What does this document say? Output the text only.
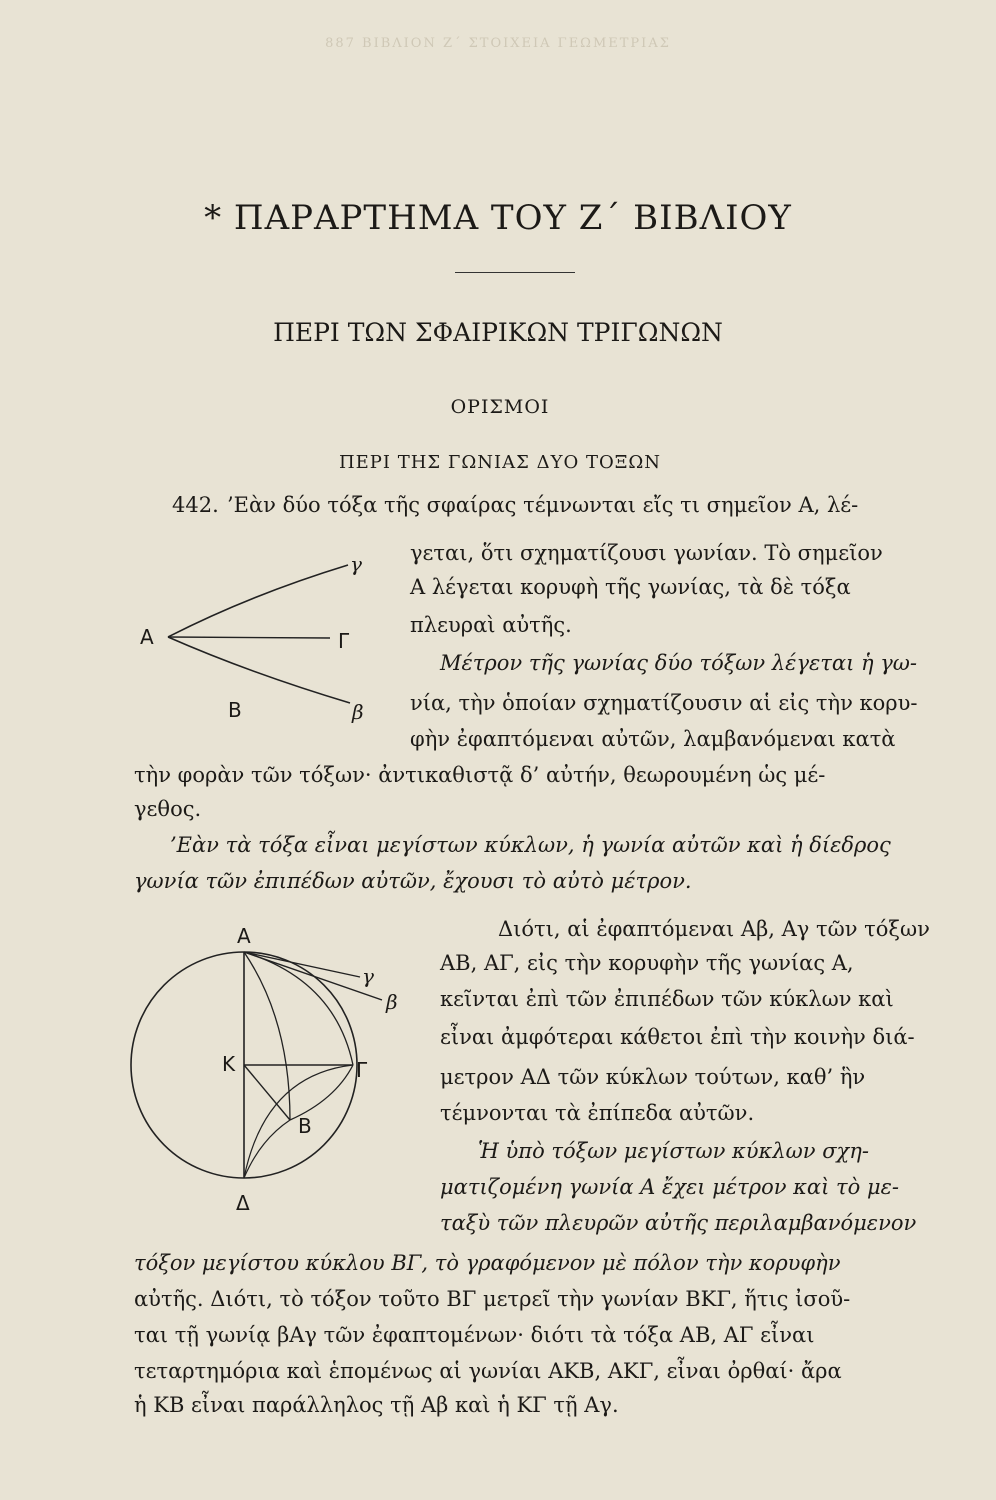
887 ΒΙΒΛΙΟΝ Ζ΄ ΣΤΟΙΧΕΙΑ ΓΕΩΜΕΤΡΙΑΣ
* ΠΑΡΑΡΤΗΜΑ ΤΟΥ Ζ΄ ΒΙΒΛΙΟΥ
ΠΕΡΙ ΤΩΝ ΣΦΑΙΡΙΚΩΝ ΤΡΙΓΩΝΩΝ
ΟΡΙΣΜΟΙ
ΠΕΡΙ ΤΗΣ ΓΩΝΙΑΣ ΔΥΟ ΤΟΞΩΝ
442. ’Εὰν δύο τόξα τῆς σφαίρας τέμνωνται εἴς τι σημεῖον Α, λέ-
γεται, ὅτι σχηματίζουσι γωνίαν. Τὸ σημεῖον
Α λέγεται κορυφὴ τῆς γωνίας, τὰ δὲ τόξα
πλευραὶ αὐτῆς.
Α	Γ
Β
γ
β
Μέτρον τῆς γωνίας δύο τόξων λέγεται ἡ γω-
νία, τὴν ὁποίαν σχηματίζουσιν αἱ εἰς τὴν κορυ-
φὴν ἐφαπτόμεναι αὐτῶν, λαμβανόμεναι κατὰ
τὴν φορὰν τῶν τόξων· ἀντικαθιστᾷ δ’ αὐτήν, θεωρουμένη ὡς μέ-
γεθος.
’Εὰν τὰ τόξα εἶναι μεγίστων κύκλων, ἡ γωνία αὐτῶν καὶ ἡ δίεδρος
γωνία τῶν ἐπιπέδων αὐτῶν, ἔχουσι τὸ αὐτὸ μέτρον.
Α
Κ	Γ
Β
Δ
γ
β
Διότι, αἱ ἐφαπτόμεναι Αβ, Αγ τῶν τόξων
ΑΒ, ΑΓ, εἰς τὴν κορυφὴν τῆς γωνίας Α,
κεῖνται ἐπὶ τῶν ἐπιπέδων τῶν κύκλων καὶ
εἶναι ἀμφότεραι κάθετοι ἐπὶ τὴν κοινὴν διά-
μετρον ΑΔ τῶν κύκλων τούτων, καθ’ ἣν
τέμνονται τὰ ἐπίπεδα αὐτῶν.
Ἡ ὑπὸ τόξων μεγίστων κύκλων σχη-
ματιζομένη γωνία Α ἔχει μέτρον καὶ τὸ με-
ταξὺ τῶν πλευρῶν αὐτῆς περιλαμβανόμενον
τόξον μεγίστου κύκλου ΒΓ, τὸ γραφόμενον μὲ πόλον τὴν κορυφὴν
αὐτῆς. Διότι, τὸ τόξον τοῦτο ΒΓ μετρεῖ τὴν γωνίαν ΒΚΓ, ἥτις ἰσοῦ-
ται τῇ γωνίᾳ βΑγ τῶν ἐφαπτομένων· διότι τὰ τόξα ΑΒ, ΑΓ εἶναι
τεταρτημόρια καὶ ἑπομένως αἱ γωνίαι ΑΚΒ, ΑΚΓ, εἶναι ὀρθαί· ἄρα
ἡ ΚΒ εἶναι παράλληλος τῇ Αβ καὶ ἡ ΚΓ τῇ Αγ.
